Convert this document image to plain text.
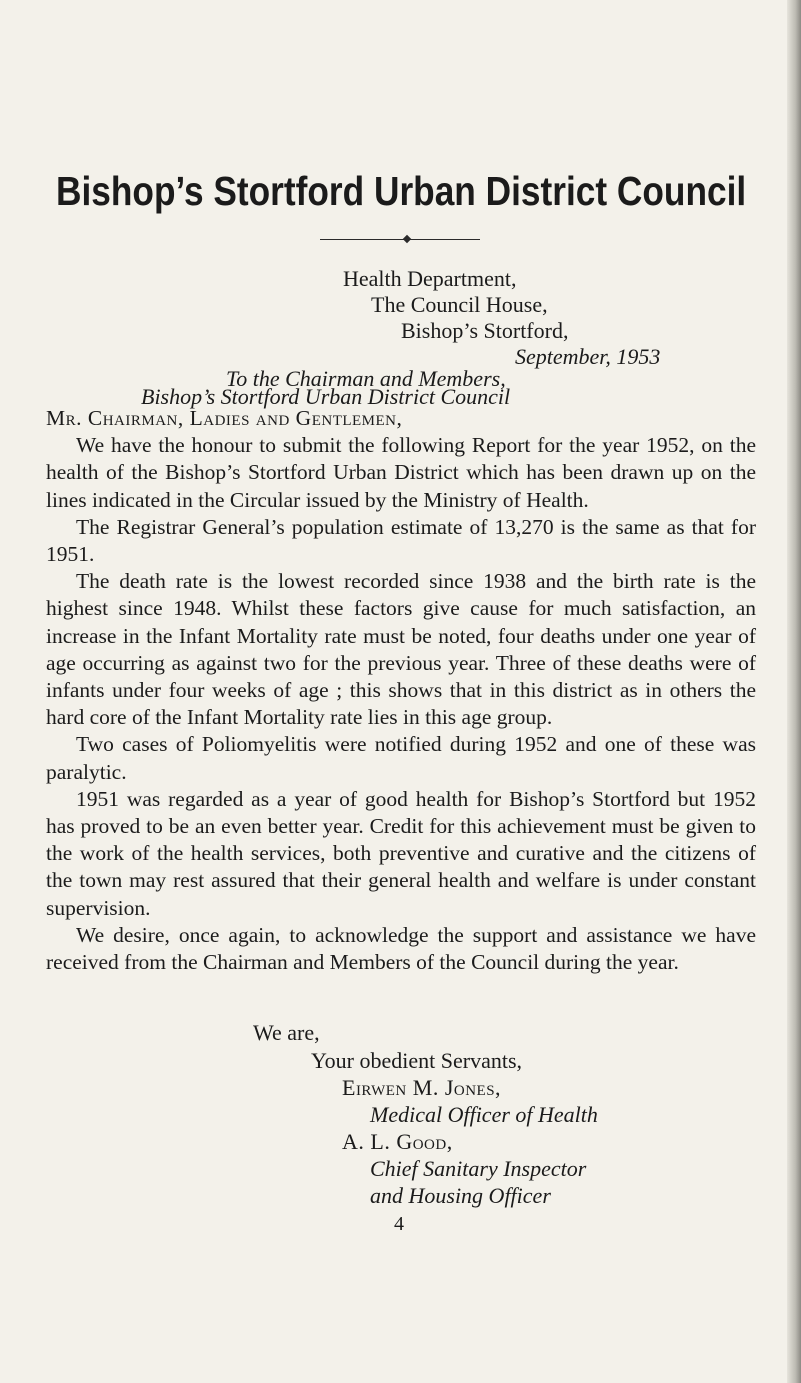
Bishop’s Stortford Urban District Council
Health Department,
The Council House,
Bishop’s Stortford,
September, 1953
To the Chairman and Members,
Bishop’s Stortford Urban District Council
Mr. Chairman, Ladies and Gentlemen,

We have the honour to submit the following Report for the year 1952, on the health of the Bishop’s Stortford Urban District which has been drawn up on the lines indicated in the Circular issued by the Ministry of Health.

The Registrar General’s population estimate of 13,270 is the same as that for 1951.

The death rate is the lowest recorded since 1938 and the birth rate is the highest since 1948. Whilst these factors give cause for much satisfaction, an increase in the Infant Mortality rate must be noted, four deaths under one year of age occurring as against two for the previous year. Three of these deaths were of infants under four weeks of age ; this shows that in this district as in others the hard core of the Infant Mortality rate lies in this age group.

Two cases of Poliomyelitis were notified during 1952 and one of these was paralytic.

1951 was regarded as a year of good health for Bishop’s Stortford but 1952 has proved to be an even better year. Credit for this achievement must be given to the work of the health services, both preventive and curative and the citizens of the town may rest assured that their general health and welfare is under constant supervision.

We desire, once again, to acknowledge the support and assistance we have received from the Chairman and Members of the Council during the year.

We are,
Your obedient Servants,
Eirwen M. Jones,
Medical Officer of Health
A. L. Good,
Chief Sanitary Inspector
and Housing Officer
4
